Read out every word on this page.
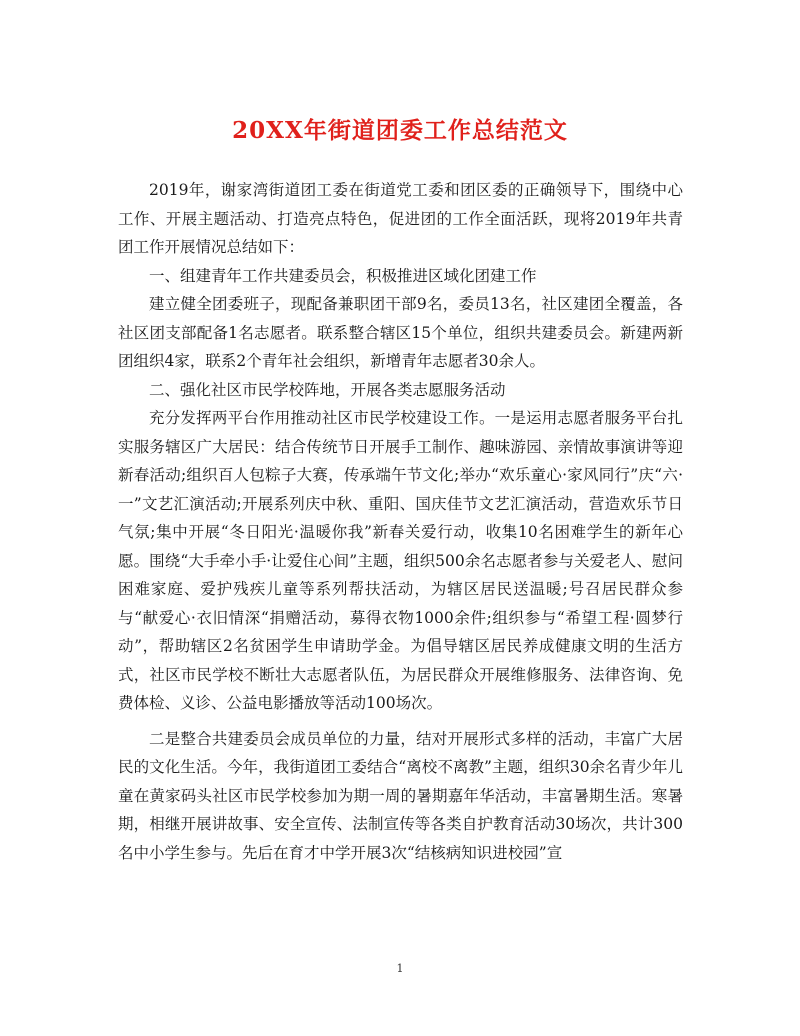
20XX年街道团委工作总结范文

2019年，谢家湾街道团工委在街道党工委和团区委的正确领导下，围绕中心工作、开展主题活动、打造亮点特色，促进团的工作全面活跃，现将2019年共青团工作开展情况总结如下：

一、组建青年工作共建委员会，积极推进区域化团建工作

建立健全团委班子，现配备兼职团干部9名，委员13名，社区建团全覆盖，各社区团支部配备1名志愿者。联系整合辖区15个单位，组织共建委员会。新建两新团组织4家，联系2个青年社会组织，新增青年志愿者30余人。

二、强化社区市民学校阵地，开展各类志愿服务活动

充分发挥两平台作用推动社区市民学校建设工作。一是运用志愿者服务平台扎实服务辖区广大居民：结合传统节日开展手工制作、趣味游园、亲情故事演讲等迎新春活动;组织百人包粽子大赛，传承端午节文化;举办“欢乐童心·家风同行”庆“六·一”文艺汇演活动;开展系列庆中秋、重阳、国庆佳节文艺汇演活动，营造欢乐节日气氛;集中开展“冬日阳光·温暖你我”新春关爱行动，收集10名困难学生的新年心愿。围绕“大手牵小手·让爱住心间”主题，组织500余名志愿者参与关爱老人、慰问困难家庭、爱护残疾儿童等系列帮扶活动，为辖区居民送温暖;号召居民群众参与“献爱心·衣旧情深“捐赠活动，募得衣物1000余件;组织参与“希望工程·圆梦行动”，帮助辖区2名贫困学生申请助学金。为倡导辖区居民养成健康文明的生活方式，社区市民学校不断壮大志愿者队伍，为居民群众开展维修服务、法律咨询、免费体检、义诊、公益电影播放等活动100场次。

二是整合共建委员会成员单位的力量，结对开展形式多样的活动，丰富广大居民的文化生活。今年，我街道团工委结合“离校不离教”主题，组织30余名青少年儿童在黄家码头社区市民学校参加为期一周的暑期嘉年华活动，丰富暑期生活。寒暑期，相继开展讲故事、安全宣传、法制宣传等各类自护教育活动30场次，共计300名中小学生参与。先后在育才中学开展3次“结核病知识进校园”宣

1
